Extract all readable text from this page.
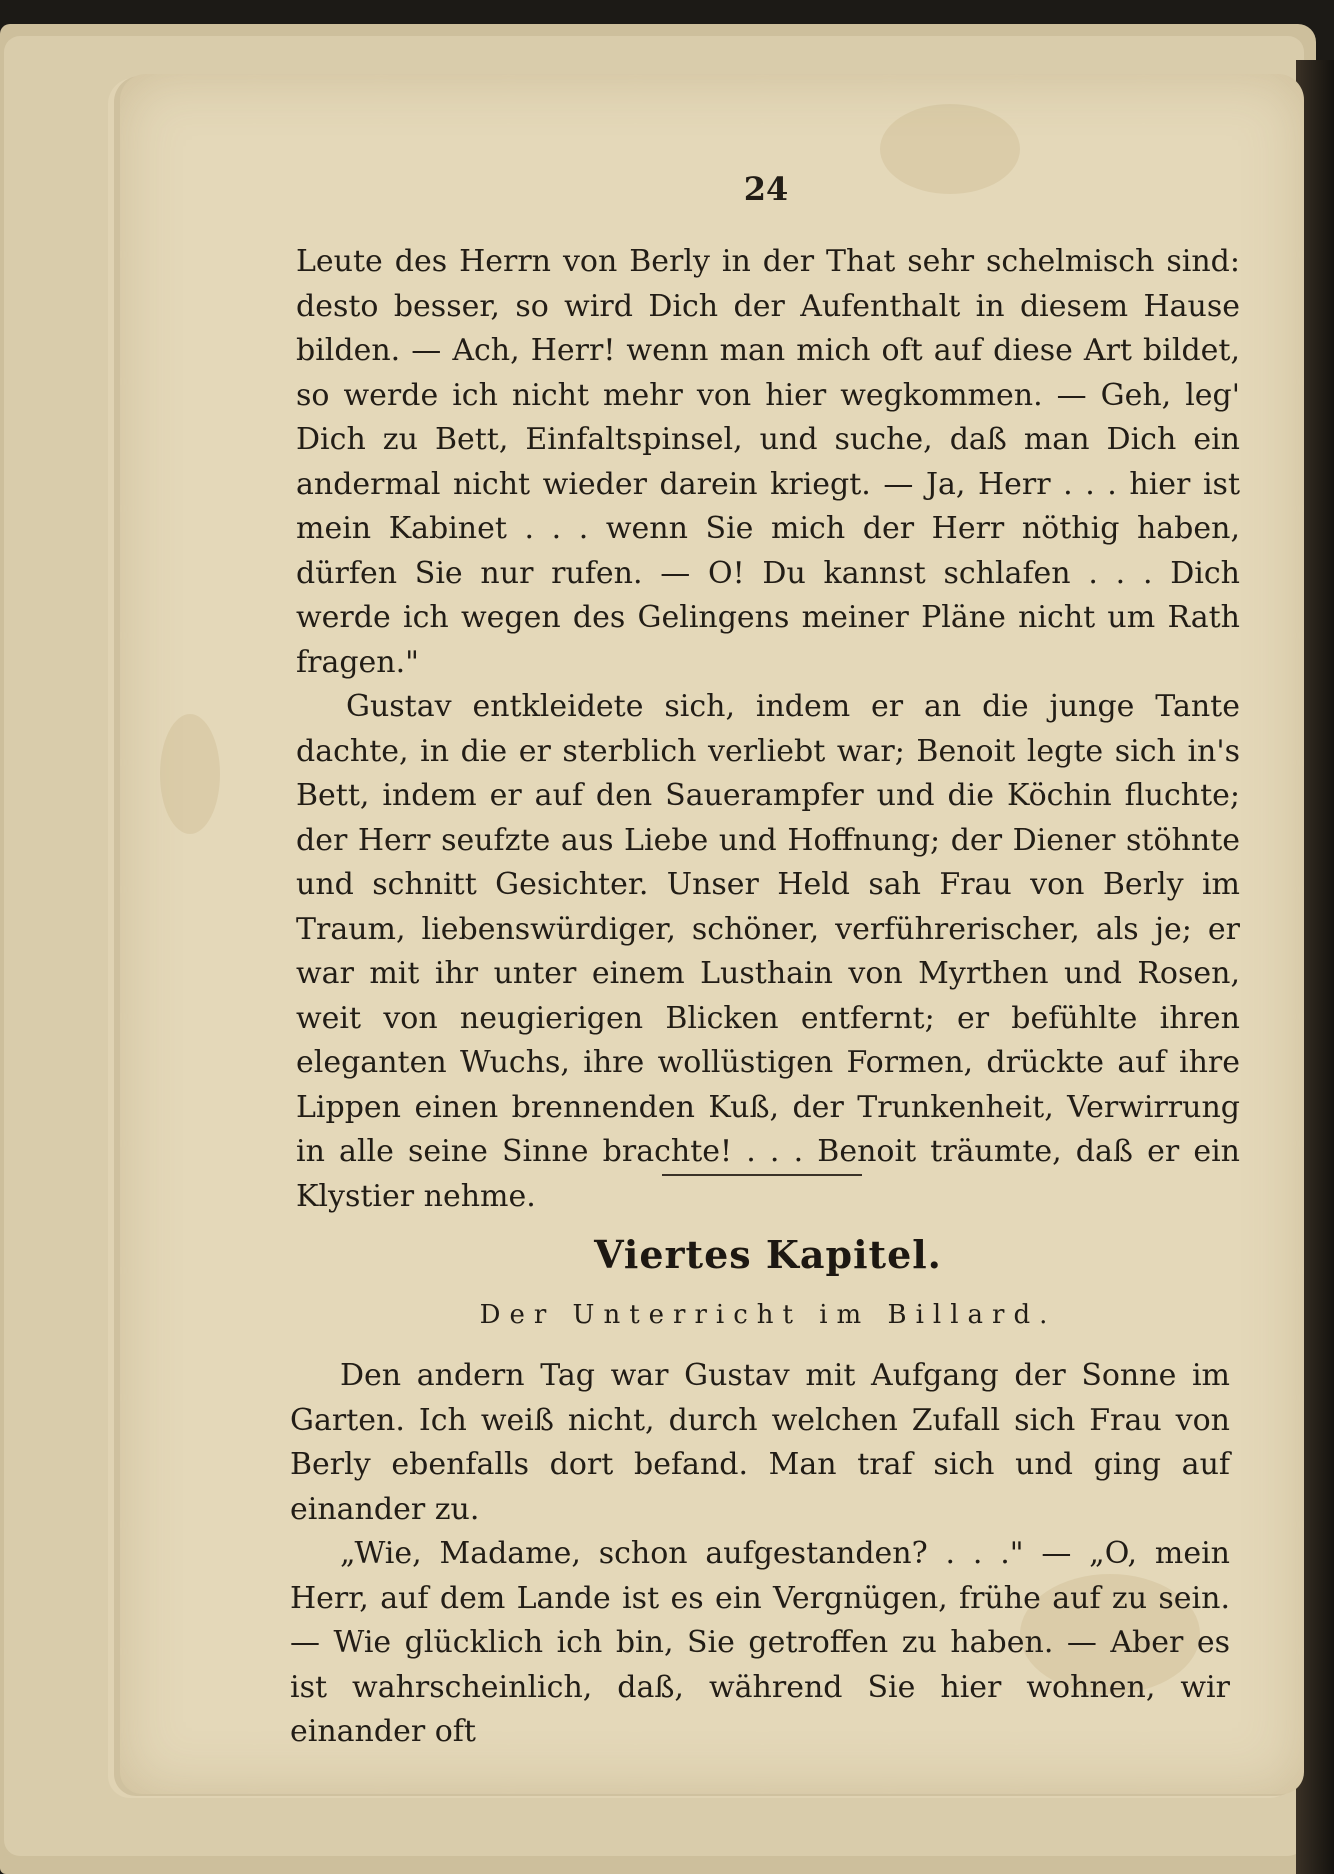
24

Leute des Herrn von Berly in der That sehr schelmisch sind: desto besser, so wird Dich der Aufenthalt in diesem Hause bilden. — Ach, Herr! wenn man mich oft auf diese Art bildet, so werde ich nicht mehr von hier wegkommen. — Geh, leg' Dich zu Bett, Einfaltspinsel, und suche, daß man Dich ein andermal nicht wieder darein kriegt. — Ja, Herr . . . hier ist mein Kabinet . . . wenn Sie mich der Herr nöthig haben, dürfen Sie nur rufen. — O! Du kannst schlafen . . . Dich werde ich wegen des Gelingens meiner Pläne nicht um Rath fragen."

Gustav entkleidete sich, indem er an die junge Tante dachte, in die er sterblich verliebt war; Benoit legte sich in's Bett, indem er auf den Sauerampfer und die Köchin fluchte; der Herr seufzte aus Liebe und Hoffnung; der Diener stöhnte und schnitt Gesichter. Unser Held sah Frau von Berly im Traum, liebenswürdiger, schöner, verführerischer, als je; er war mit ihr unter einem Lusthain von Myrthen und Rosen, weit von neugierigen Blicken entfernt; er befühlte ihren eleganten Wuchs, ihre wollüstigen Formen, drückte auf ihre Lippen einen brennenden Kuß, der Trunkenheit, Verwirrung in alle seine Sinne brachte! . . . Benoit träumte, daß er ein Klystier nehme.

Viertes Kapitel.
Der Unterricht im Billard.

Den andern Tag war Gustav mit Aufgang der Sonne im Garten. Ich weiß nicht, durch welchen Zufall sich Frau von Berly ebenfalls dort befand. Man traf sich und ging auf einander zu.

„Wie, Madame, schon aufgestanden? . . ." — „O, mein Herr, auf dem Lande ist es ein Vergnügen, frühe auf zu sein. — Wie glücklich ich bin, Sie getroffen zu haben. — Aber es ist wahrscheinlich, daß, während Sie hier wohnen, wir einander oft
